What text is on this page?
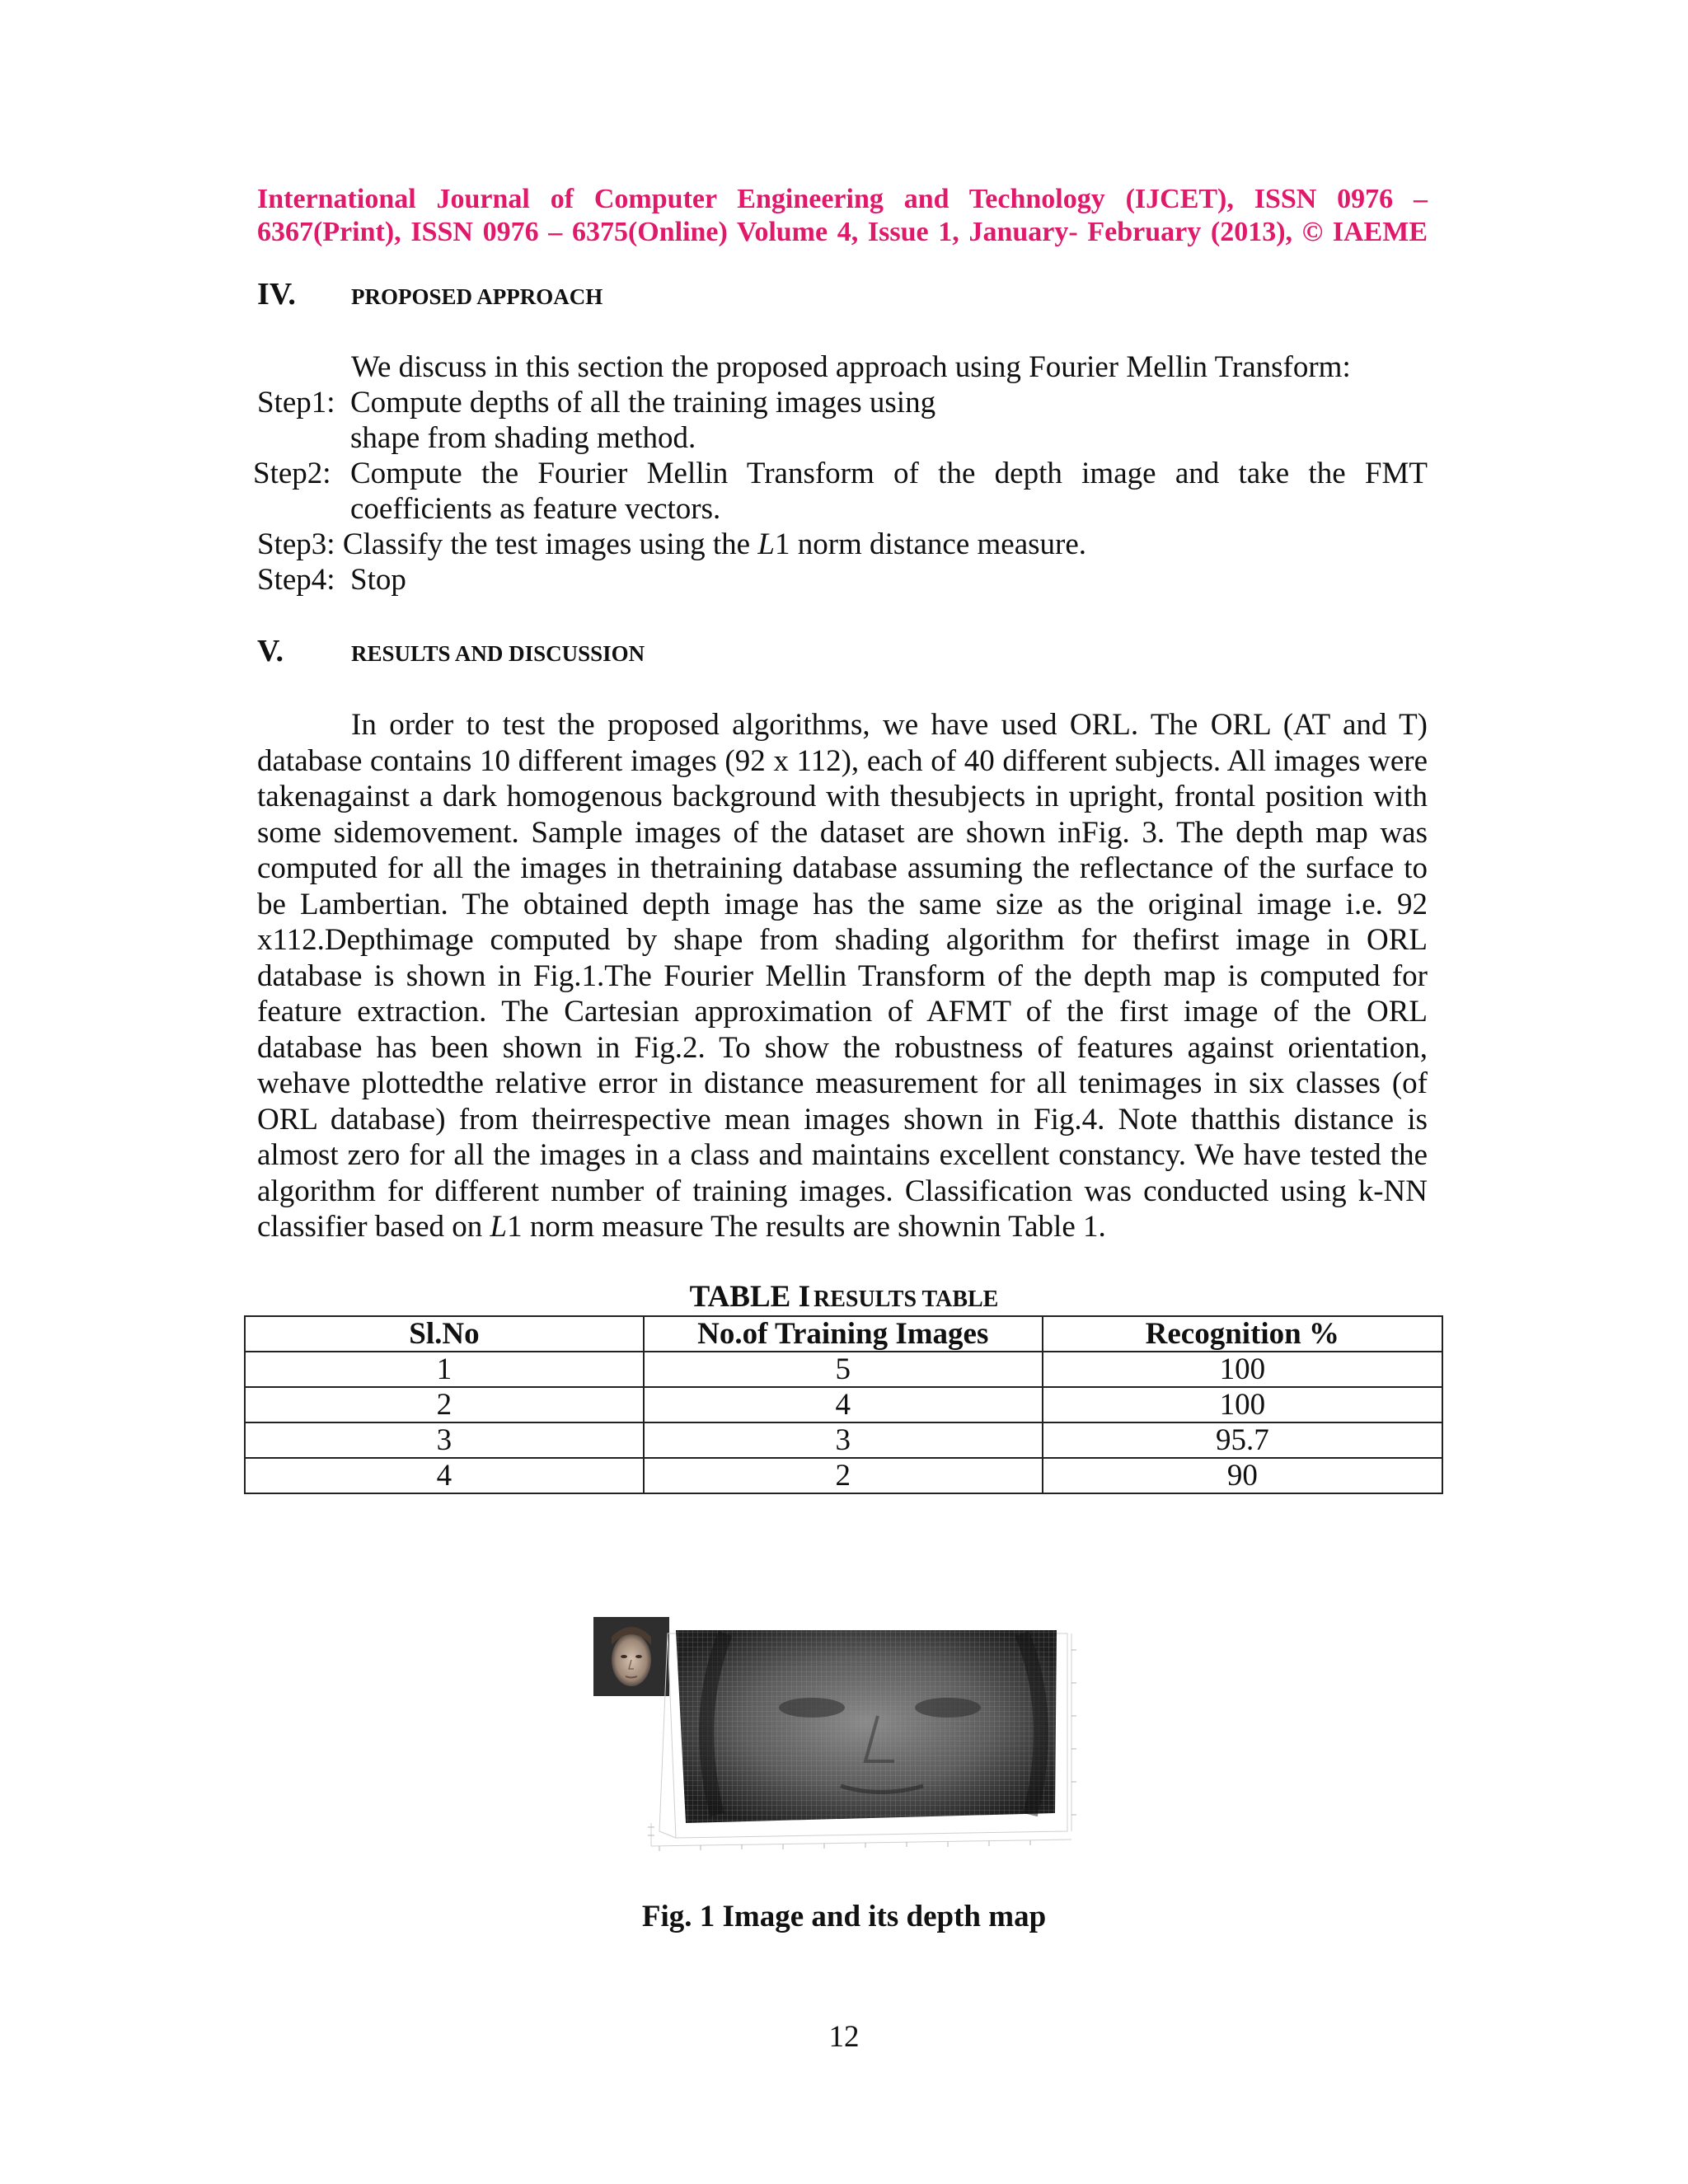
International Journal of Computer Engineering and Technology (IJCET), ISSN 0976 –
6367(Print), ISSN 0976 – 6375(Online) Volume 4, Issue 1, January- February (2013), © IAEME
IV.	PROPOSED APPROACH
We discuss in this section the proposed approach using Fourier Mellin Transform:
Step1: Compute depths of all the training images using
shape from shading method.
Step2: Compute the Fourier Mellin Transform of the depth image and take the FMT
coefficients as feature vectors.
Step3: Classify the test images using the L1 norm distance measure.
Step4: Stop
V.	RESULTS AND DISCUSSION
In order to test the proposed algorithms, we have used ORL. The ORL (AT and T) database contains 10 different images (92 x 112), each of 40 different subjects. All images were takenagainst a dark homogenous background with thesubjects in upright, frontal position with some sidemovement. Sample images of the dataset are shown inFig. 3. The depth map was computed for all the images in thetraining database assuming the reflectance of the surface to be Lambertian. The obtained depth image has the same size as the original image i.e. 92 x112.Depthimage computed by shape from shading algorithm for thefirst image in ORL database is shown in Fig.1.The Fourier Mellin Transform of the depth map is computed for feature extraction. The Cartesian approximation of AFMT of the first image of the ORL database has been shown in Fig.2. To show the robustness of features against orientation, wehave plottedthe relative error in distance measurement for all tenimages in six classes (of ORL database) from theirrespective mean images shown in Fig.4. Note thatthis distance is almost zero for all the images in a class and maintains excellent constancy. We have tested the algorithm for different number of training images. Classification was conducted using k-NN classifier based on L1 norm measure The results are shownin Table 1.
TABLE I RESULTS TABLE
Sl.No	No.of Training Images	Recognition %
1	5	100
2	4	100
3	3	95.7
4	2	90
Fig. 1 Image and its depth map
12
